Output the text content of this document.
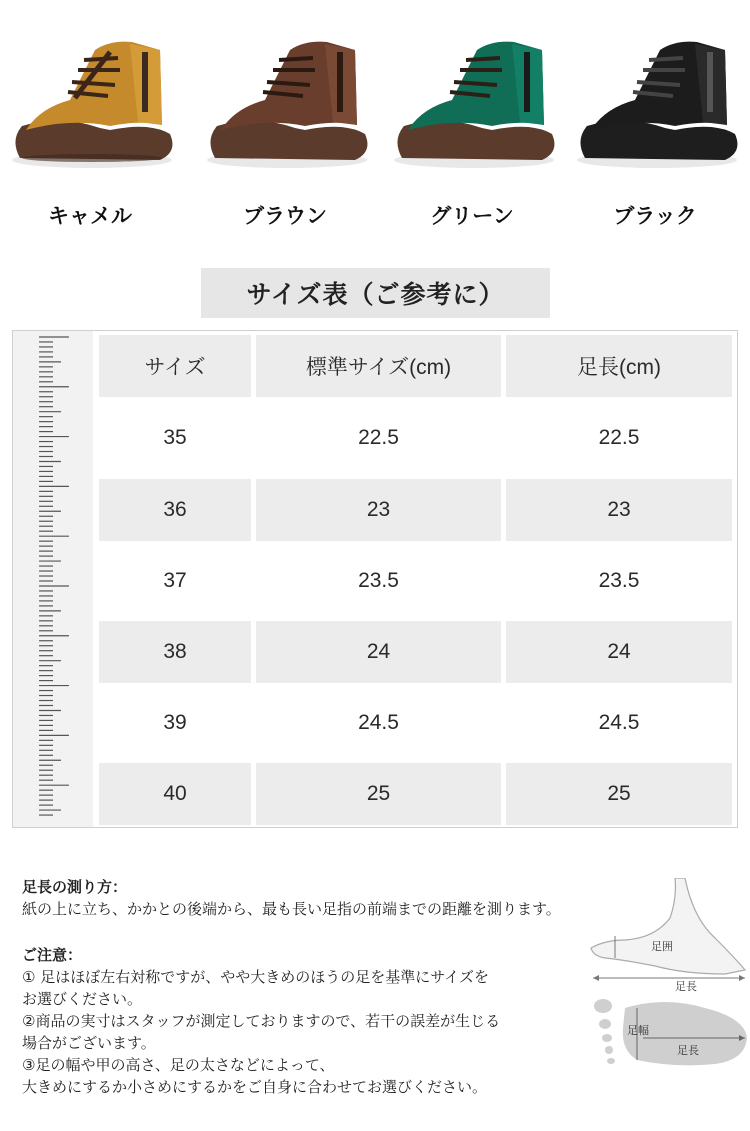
キャメル	ブラウン	グリーン	ブラック
サイズ表（ご参考に）
サイズ	標準サイズ(cm)	足長(cm)
35	22.5	22.5
36	23	23
37	23.5	23.5
38	24	24
39	24.5	24.5
40	25	25
足長の測り方：
紙の上に立ち、かかとの後端から、最も長い足指の前端までの距離を測ります。
ご注意：
① 足はほぼ左右対称ですが、やや大きめのほうの足を基準にサイズを
お選びください。
②商品の実寸はスタッフが測定しておりますので、若干の誤差が生じる
場合がございます。
③足の幅や甲の高さ、足の太さなどによって、
大きめにするか小さめにするかをご自身に合わせてお選びください。
足囲
足長
足幅
足長
